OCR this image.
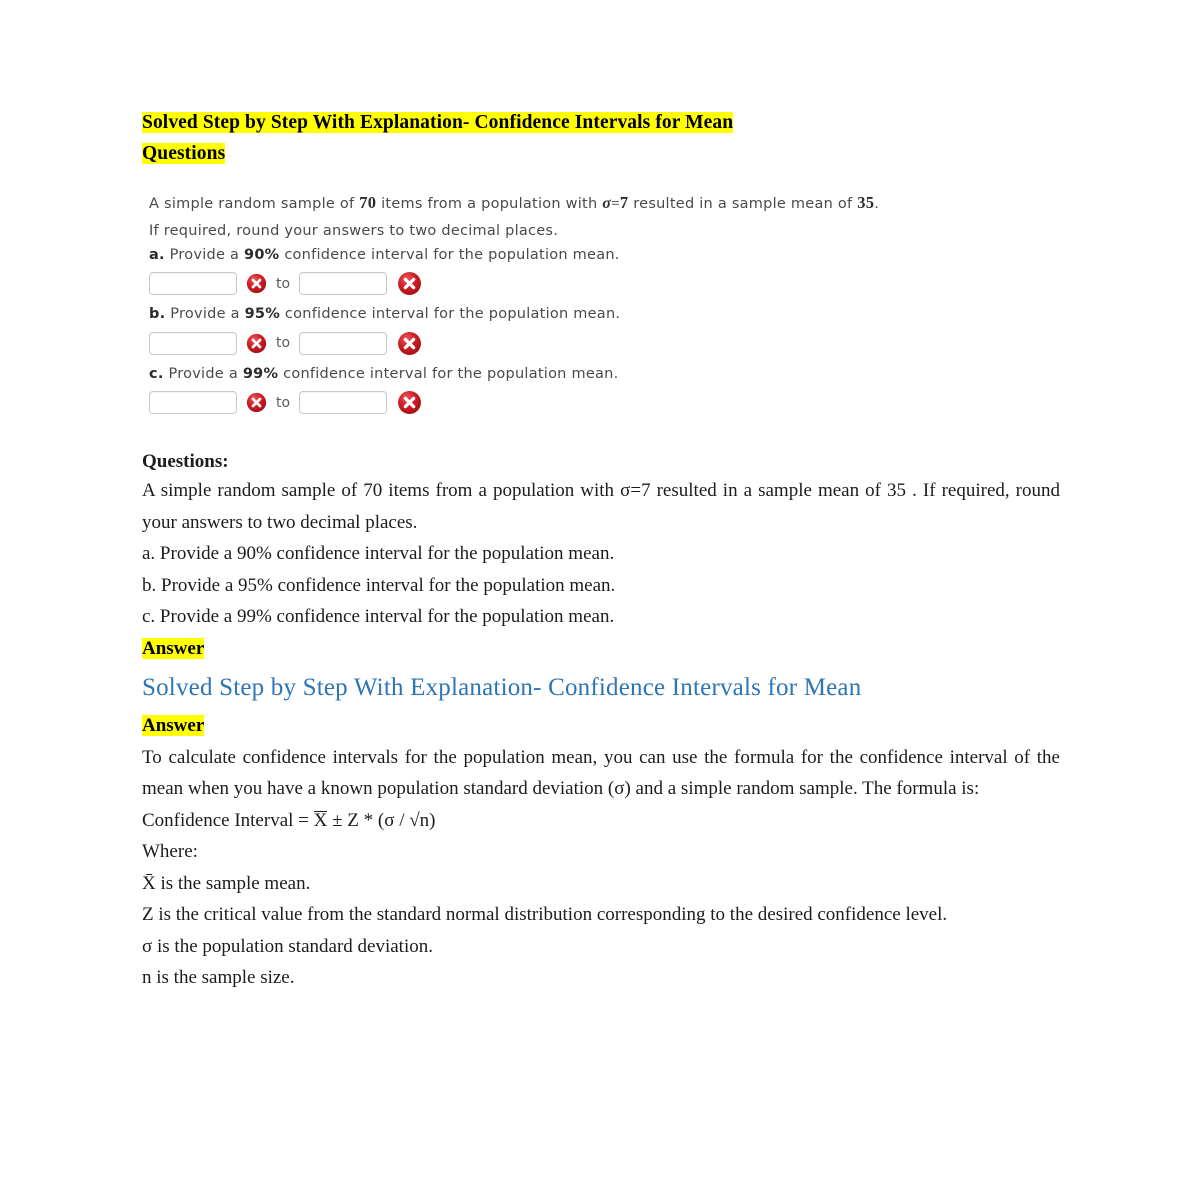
Solved Step by Step With Explanation- Confidence Intervals for Mean
Questions
A simple random sample of 70 items from a population with σ=7 resulted in a sample mean of 35.
If required, round your answers to two decimal places.
a. Provide a 90% confidence interval for the population mean.
to
b. Provide a 95% confidence interval for the population mean.
to
c. Provide a 99% confidence interval for the population mean.
to
Questions:

A simple random sample of 70 items from a population with σ=7 resulted in a sample mean of 35 . If required, round your answers to two decimal places.

a. Provide a 90% confidence interval for the population mean.

b. Provide a 95% confidence interval for the population mean.

c. Provide a 99% confidence interval for the population mean.

Answer

Solved Step by Step With Explanation- Confidence Intervals for Mean

Answer

To calculate confidence intervals for the population mean, you can use the formula for the confidence interval of the mean when you have a known population standard deviation (σ) and a simple random sample. The formula is:

Confidence Interval = X ± Z * (σ / √n)

Where:

X̄ is the sample mean.

Z is the critical value from the standard normal distribution corresponding to the desired confidence level.

σ is the population standard deviation.

n is the sample size.
